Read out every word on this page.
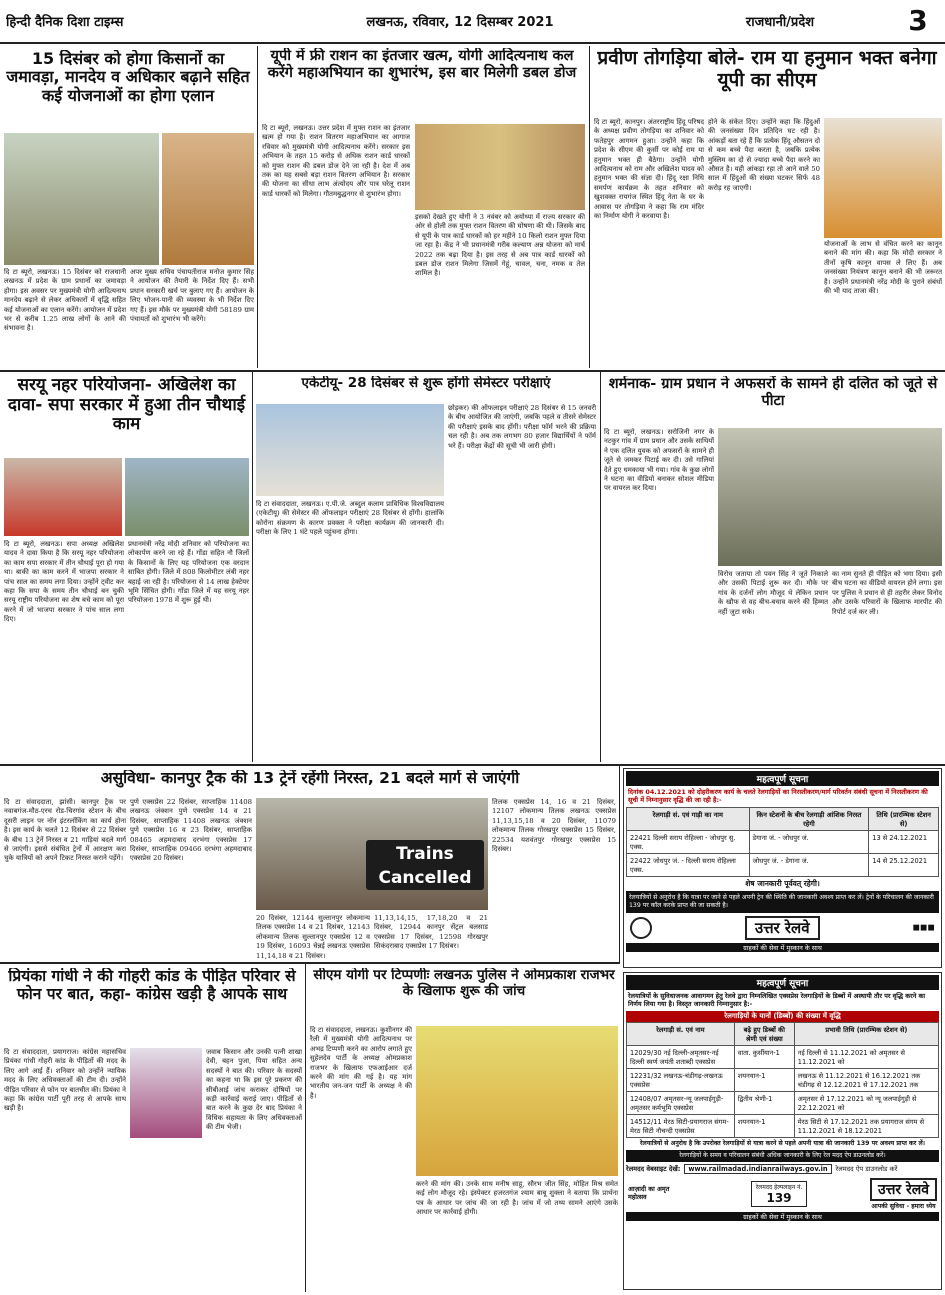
हिन्दी दैनिक दिशा टाइम्स	लखनऊ, रविवार, 12 दिसम्बर 2021	राजधानी/प्रदेश	3
15 दिसंबर को होगा किसानों का जमावड़ा, मानदेय व अधिकार बढ़ाने सहित कई योजनाओं का होगा एलान
दि टा ब्यूरो, लखनऊ। 15 दिसंबर को राजधानी लखनऊ में प्रदेश के ग्राम प्रधानों का जमावड़ा होगा। इस अवसर पर मुख्यमंत्री योगी आदित्यनाथ मानदेय बढ़ाने से लेकर अधिकारों में वृद्धि सहित कई योजनाओं का एलान करेंगे। आयोजन में प्रदेश भर से करीब 1.25 लाख लोगों के आने की संभावना है।
अपर मुख्य सचिव पंचायतीराज मनोज कुमार सिंह ने आयोजन की तैयारी के निर्देश दिए हैं। सभी प्रधान सरकारी खर्च पर बुलाए गए हैं। आयोजन के लिए भोजन-पानी की व्यवस्था के भी निर्देश दिए गए हैं। इस मौके पर मुख्यमंत्री योगी 58189 ग्राम पंचायतों को शुभारंभ भी करेंगे।
यूपी में फ्री राशन का इंतजार खत्म, योगी आदित्यनाथ कल करेंगे महाअभियान का शुभारंभ, इस बार मिलेगी डबल डोज
दि टा ब्यूरो, लखनऊ। उत्तर प्रदेश में मुफ्त राशन का इंतजार खत्म हो गया है। राशन वितरण महाअभियान का आगाज रविवार को मुख्यमंत्री योगी आदित्यनाथ करेंगे। सरकार इस अभियान के तहत 15 करोड़ से अधिक राशन कार्ड धारकों को मुफ्त राशन की डबल डोज देने जा रही है। देश में अब तक का यह सबसे बड़ा राशन वितरण अभियान है। सरकार की योजना का सीधा लाभ अंत्योदय और पात्र घरेलू राशन कार्ड धारकों को मिलेगा। गौतमबुद्धनगर से शुभारंभ होगा।
इसको देखते हुए योगी ने 3 नवंबर को अयोध्या में राज्य सरकार की ओर से होली तक मुफ्त राशन वितरण की घोषणा की थी। जिसके बाद से यूपी के पात्र कार्ड धारकों को हर महीने 10 किलो राशन मुफ्त दिया जा रहा है। केंद्र ने भी प्रधानमंत्री गरीब कल्याण अन्न योजना को मार्च 2022 तक बढ़ा दिया है। इस तरह से अब पात्र कार्ड धारकों को डबल डोज राशन मिलेगा जिसमें गेहूं, चावल, चना, नमक व तेल शामिल है।
प्रवीण तोगड़िया बोले- राम या हनुमान भक्त बनेगा यूपी का सीएम
दि टा ब्यूरो, कानपुर। अंतरराष्ट्रीय हिंदू परिषद के अध्यक्ष प्रवीण तोगड़िया का शनिवार को फतेहपुर आगमन हुआ। उन्होंने कहा कि प्रदेश के सीएम की कुर्सी पर कोई राम या हनुमान भक्त ही बैठेगा। उन्होंने योगी आदित्यनाथ को राम और अखिलेश यादव को हनुमान भक्त की संज्ञा दी। हिंदू रक्षा निधि समर्पण कार्यक्रम के तहत शनिवार को खुशवक्त रायगंज स्थित हिंदू नेता के घर के आवास पर तोगड़िया ने कहा कि राम मंदिर का निर्माण योगी ने करवाया है।
होने के संकेत दिए। उन्होंने कहा कि हिंदुओं की जनसंख्या दिन प्रतिदिन घट रही है। आंकड़ों बता रहे हैं कि प्रत्येक हिंदू औसतन दो से कम बच्चे पैदा करता है, जबकि प्रत्येक मुस्लिम का दो से ज्यादा बच्चे पैदा करने का औसत है। यही आंकड़ा रहा तो आने वाले 50 साल में हिंदुओं की संख्या घटकर सिर्फ 48 करोड़ रह जाएगी।
योजनाओं के लाभ से वंचित करने का कानून बनाने की मांग की। कहा कि मोदी सरकार ने तीनों कृषि कानून वापस ले लिए हैं। अब जनसंख्या नियंत्रण कानून बनाने की भी जरूरत है। उन्होंने प्रधानमंत्री नरेंद्र मोदी के पुराने संबंधों की भी याद ताजा की।
सरयू नहर परियोजना- अखिलेश का दावा- सपा सरकार में हुआ तीन चौथाई काम
दि टा ब्यूरो, लखनऊ। सपा अध्यक्ष अखिलेश यादव ने दावा किया है कि सरयू नहर परियोजना का काम सपा सरकार में तीन चौथाई पूरा हो गया था। बाकी का काम करने में भाजपा सरकार ने पांच साल का समय लगा दिया। उन्होंने ट्वीट कर कहा कि सपा के समय तीन चौथाई बन चुकी सरयू राष्ट्रीय परियोजना का शेष बचे काम को पूरा करने में जो भाजपा सरकार ने पांच साल लगा दिए।
प्रधानमंत्री नरेंद्र मोदी शनिवार को परियोजना का लोकार्पण करने जा रहे हैं। गोंडा सहित नौ जिलों के किसानों के लिए यह परियोजना एक वरदान साबित होगी। जिले में 808 किलोमीटर लंबी नहर बहाई जा रही है। परियोजना से 14 लाख हेक्टेयर भूमि सिंचित होगी। गोंडा जिले में यह सरयू नहर परियोजना 1978 में शुरू हुई थी।
एकेटीयू- 28 दिसंबर से शुरू होंगी सेमेस्टर परीक्षाएं
दि टा संवाददाता, लखनऊ। ए.पी.जे. अब्दुल कलाम प्राविधिक विश्वविद्यालय (एकेटीयू) की सेमेस्टर की ऑफलाइन परीक्षाएं 28 दिसंबर से होंगी। हालांकि कोरोना संक्रमण के कारण प्रवक्ता ने परीक्षा कार्यक्रम की जानकारी दी। परीक्षा के लिए 1 घंटे पहले पहुंचना होगा।
छोड़कर) की ऑफलाइन परीक्षाएं 28 दिसंबर से 15 जनवरी के बीच आयोजित की जाएंगी, जबकि पहले व तीसरे सेमेस्टर की परीक्षाएं इसके बाद होंगी। परीक्षा फॉर्म भरने की प्रक्रिया चल रही है। अब तक लगभग 80 हजार विद्यार्थियों ने फॉर्म भरे हैं। परीक्षा केंद्रों की सूची भी जारी होगी।
शर्मनाक- ग्राम प्रधान ने अफसरों के सामने ही दलित को जूते से पीटा
दि टा ब्यूरो, लखनऊ। सरोजिनी नगर के नटकुर गांव में ग्राम प्रधान और उसके साथियों ने एक दलित युवक को अफसरों के सामने ही जूते से जमकर पिटाई कर दी। उसे गालियां देते हुए धमकाया भी गया। गांव के कुछ लोगों ने घटना का वीडियो बनाकर सोशल मीडिया पर वायरल कर दिया।
विरोध जताया तो पवन सिंह ने जूते निकाले और उसकी पिटाई शुरू कर दी। मौके पर गांव के दर्जनों लोग मौजूद थे लेकिन प्रधान के खौफ से वह बीच-बचाव करने की हिम्मत नहीं जुटा सके।
का नाम सुनते ही पीड़ित को भगा दिया। इसी बीच घटना का वीडियो वायरल होने लगा। इस पर पुलिस ने प्रधान से ही तहरीर लेकर विनोद और उसके परिवारों के खिलाफ मारपीट की रिपोर्ट दर्ज कर ली।
असुविधा- कानपुर ट्रैक की 13 ट्रेनें रहेंगी निरस्त, 21 बदले मार्ग से जाएंगी
दि टा संवाददाता, झांसी। कानपुर ट्रैक पर नवाबगंज-मौठ-एरच रोड-चिरगांव स्टेशन के बीच दूसरी लाइन पर नॉन इंटरलॉकिंग का कार्य होना है। इस कार्य के चलते 12 दिसंबर से 22 दिसंबर के बीच 13 ट्रेनें निरस्त व 21 गाड़ियां बदले मार्ग से जाएंगी। इससे संबंधित ट्रेनों में आरक्षण करा चुके यात्रियों को अपने टिकट निरस्त कराने पड़ेंगे।
पुणे एक्सप्रेस 22 दिसंबर, साप्ताहिक 11408 लखनऊ जंक्शन पुणे एक्सप्रेस 14 व 21 दिसंबर, साप्ताहिक 11408 लखनऊ जंक्शन पुणे एक्सप्रेस 16 व 23 दिसंबर, साप्ताहिक 08465 अहमदाबाद दरभंगा एक्सप्रेस 17 दिसंबर, साप्ताहिक 09466 दरभंगा अहमदाबाद एक्सप्रेस 20 दिसंबर।	Trains Cancelled
20 दिसंबर, 12144 सुल्तानपुर लोकमान्य तिलक एक्सप्रेस 14 व 21 दिसंबर, 12143 लोकमान्य तिलक सुल्तानपुर एक्सप्रेस 12 व 19 दिसंबर, 16093 चेन्नई लखनऊ एक्सप्रेस 11,14,18 व 21 दिसंबर।
11,13,14,15, 17,18,20 व 21 दिसंबर, 12944 कानपुर सेंट्रल बलसाड एक्सप्रेस 17 दिसंबर, 12598 गोरखपुर सिकंदराबाद एक्सप्रेस 17 दिसंबर।
तिलक एक्सप्रेस 14, 16 व 21 दिसंबर, 12107 लोकमान्य तिलक लखनऊ एक्सप्रेस 11,13,15,18 व 20 दिसंबर, 11079 लोकमान्य तिलक गोरखपुर एक्सप्रेस 15 दिसंबर, 22534 यशवंतपुर गोरखपुर एक्सप्रेस 15 दिसंबर।
महत्वपूर्ण सूचना
दिनांक 04.12.2021 को दोहरीकरण कार्य के चलते रेलगाड़ियों का निरस्तीकरण/मार्ग परिवर्तन संबंधी सूचना में निरस्तीकरण की सूची में निम्नानुसार वृद्धि की जा रही है:-
रेलगाड़ी सं. एवं गाड़ी का नाम	किन स्टेशनों के बीच रेलगाड़ी आंशिक निरस्त रहेगी	तिथि (प्रारम्भिक स्टेशन से)
22421 दिल्ली सराय रोहिल्ला - जोधपुर सु. एक्स.	डेगाना जं. - जोधपुर जं.	13 से 24.12.2021
22422 जोधपुर जं. - दिल्ली सराय रोहिल्ला एक्स.	जोधपुर जं. - डेगाना जं.	14 से 25.12.2021
शेष जानकारी पूर्ववत् रहेगी।
रेलयात्रियों से अनुरोध है कि यात्रा पर जाने से पहले अपनी ट्रेन की स्थिति की जानकारी अवश्य प्राप्त कर लें। ट्रेनों के परिचालन की जानकारी 139 पर कॉल करके प्राप्त की जा सकती है।
उत्तर रेलवे	◼◼◼
ग्राहकों की सेवा में मुस्कान के साथ
प्रियंका गांधी ने की गोहरी कांड के पीड़ित परिवार से फोन पर बात, कहा- कांग्रेस खड़ी है आपके साथ
दि टा संवाददाता, प्रयागराज। कांग्रेस महासचिव प्रियंका गांधी गोहरी कांड के पीड़ितों की मदद के लिए आगे आई हैं। शनिवार को उन्होंने न्यायिक मदद के लिए अधिवक्ताओं की टीम दी। उन्होंने पीड़ित परिवार से फोन पर बातचीत की। प्रियंका ने कहा कि कांग्रेस पार्टी पूरी तरह से आपके साथ खड़ी है।
जवाब किसान और उनकी पत्नी शाखा देवी, बहन पुजा, पिया सहित अन्य सदस्यों ने बात की। परिवार के सदस्यों का कहना था कि इस पूरे प्रकरण की सीबीआई जांच कराकर दोषियों पर कड़ी कार्रवाई कराई जाए। पीड़ितों से बात करने के कुछ देर बाद प्रियंका ने विधिक सहायता के लिए अधिवक्ताओं की टीम भेजी।
सीएम योगी पर टिप्पणीः लखनऊ पुलिस ने ओमप्रकाश राजभर के खिलाफ शुरू की जांच
दि टा संवाददाता, लखनऊ। कुशीनगर की रैली में मुख्यमंत्री योगी आदित्यनाथ पर अभद्र टिप्पणी करने का आरोप लगाते हुए सुहेलदेव पार्टी के अध्यक्ष ओमप्रकाश राजभर के खिलाफ एफआईआर दर्ज करने की मांग की गई है। यह मांग भारतीय जन-जन पार्टी के अध्यक्ष ने की है।
करने की मांग की। उनके साथ मनीष साहू, सौरभ जीत सिंह, मोहित मिश्र समेत कई लोग मौजूद रहे। इंस्पेक्टर हजरतगंज श्याम बाबू शुक्ला ने बताया कि प्रार्थना पत्र के आधार पर जांच की जा रही है। जांच में जो तथ्य सामने आएंगे उसके आधार पर कार्रवाई होगी।
महत्वपूर्ण सूचना
रेलयात्रियों के सुविधाजनक आवागमन हेतु रेलवे द्वारा निम्नलिखित एक्सप्रेस रेलगाड़ियों के डिब्बों में अस्थायी तौर पर वृद्धि करने का निर्णय लिया गया है। विस्तृत जानकारी निम्नानुसार है:-
रेलगाड़ियों के यानों (डिब्बों) की संख्या में वृद्धि
रेलगाड़ी सं. एवं नाम	बढ़े हुए डिब्बों की श्रेणी एवं संख्या	प्रभावी तिथि (प्रारम्भिक स्टेशन से)
12029/30 नई दिल्ली-अमृतसर-नई दिल्ली स्वर्ण जयंती शताब्दी एक्सप्रेस	वाता. कुर्सीयान-1	नई दिल्ली से 11.12.2021 को अमृतसर से 11.12.2021 को
12231/32 लखनऊ-चंडीगढ़-लखनऊ एक्सप्रेस	शयनयान-1	लखनऊ से 11.12.2021 से 16.12.2021 तक चंडीगढ़ से 12.12.2021 से 17.12.2021 तक
12408/07 अमृतसर-न्यू जलपाईगुड़ी-अमृतसर कर्मभूमि एक्सप्रेस	द्वितीय श्रेणी-1	अमृतसर से 17.12.2021 को न्यू जलपाईगुड़ी से 22.12.2021 को
14512/11 मेरठ सिटी-प्रयागराज संगम-मेरठ सिटी नौचन्दी एक्सप्रेस	शयनयान-1	मेरठ सिटी से 17.12.2021 तक प्रयागराज संगम से 11.12.2021 से 18.12.2021
रेलयात्रियों से अनुरोध है कि उपरोक्त रेलगाड़ियों से यात्रा करने से पहले अपनी यात्रा की जानकारी 139 पर अवश्य प्राप्त कर लें।
रेलगाड़ियों के समय व परिचालन संबंधी अधिक जानकारी के लिए रेल मदद ऐप डाउनलोड करें।
रेलमदद वेबसाइट देखें:	www.railmadad.indianrailways.gov.in	रेलमदद ऐप डाउनलोड करें
आज़ादी का अमृत महोत्सव
रेलमदद हेल्पलाइन नं.
139	उत्तर रेलवे
आपकी सुविधा - हमारा ध्येय
ग्राहकों की सेवा में मुस्कान के साथ
